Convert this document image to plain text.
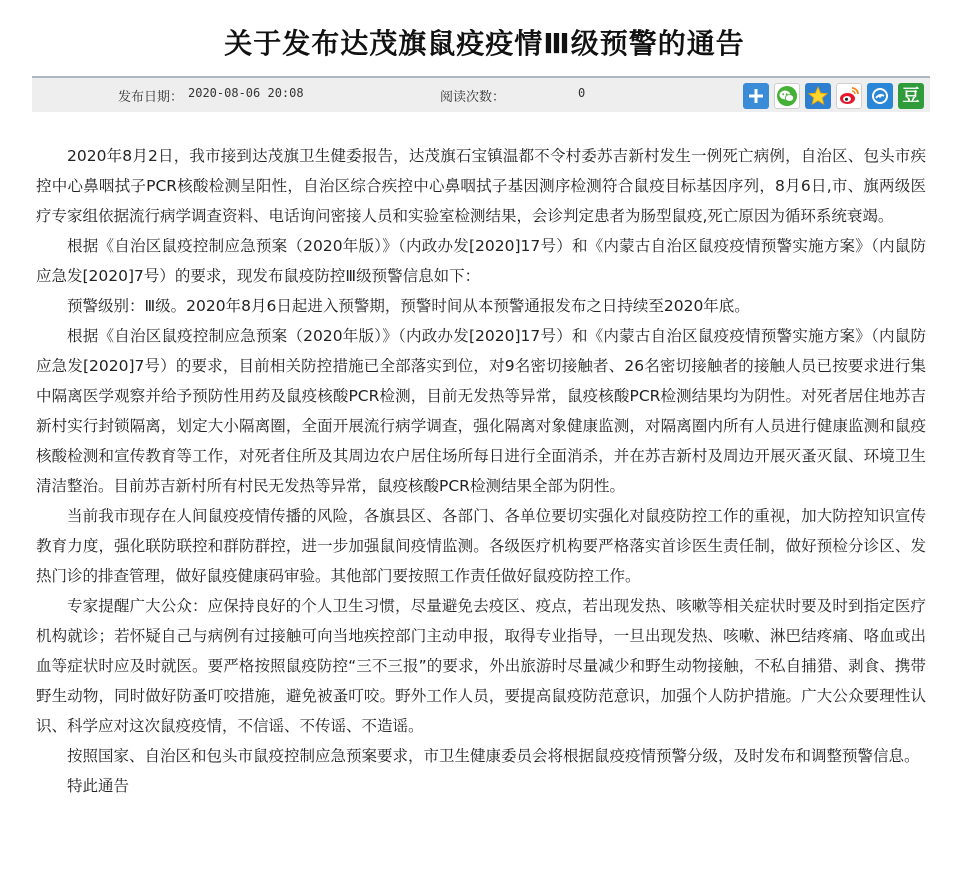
关于发布达茂旗鼠疫疫情Ⅲ级预警的通告
发布日期： 2020-08-06 20:08	阅读次数：	0	豆

2020年8月2日，我市接到达茂旗卫生健委报告，达茂旗石宝镇温都不令村委苏吉新村发生一例死亡病例，自治区、包头市疾控中心鼻咽拭子PCR核酸检测呈阳性，自治区综合疾控中心鼻咽拭子基因测序检测符合鼠疫目标基因序列，8月6日,市、旗两级医疗专家组依据流行病学调查资料、电话询问密接人员和实验室检测结果，会诊判定患者为肠型鼠疫,死亡原因为循环系统衰竭。

根据《自治区鼠疫控制应急预案（2020年版）》（内政办发[2020]17号）和《内蒙古自治区鼠疫疫情预警实施方案》（内鼠防应急发[2020]7号）的要求，现发布鼠疫防控Ⅲ级预警信息如下：

预警级别：Ⅲ级。2020年8月6日起进入预警期，预警时间从本预警通报发布之日持续至2020年底。

根据《自治区鼠疫控制应急预案（2020年版）》（内政办发[2020]17号）和《内蒙古自治区鼠疫疫情预警实施方案》（内鼠防应急发[2020]7号）的要求，目前相关防控措施已全部落实到位，对9名密切接触者、26名密切接触者的接触人员已按要求进行集中隔离医学观察并给予预防性用药及鼠疫核酸PCR检测，目前无发热等异常，鼠疫核酸PCR检测结果均为阴性。对死者居住地苏吉新村实行封锁隔离，划定大小隔离圈，全面开展流行病学调查，强化隔离对象健康监测，对隔离圈内所有人员进行健康监测和鼠疫核酸检测和宣传教育等工作，对死者住所及其周边农户居住场所每日进行全面消杀，并在苏吉新村及周边开展灭蚤灭鼠、环境卫生清洁整治。目前苏吉新村所有村民无发热等异常，鼠疫核酸PCR检测结果全部为阴性。

当前我市现存在人间鼠疫疫情传播的风险，各旗县区、各部门、各单位要切实强化对鼠疫防控工作的重视，加大防控知识宣传教育力度，强化联防联控和群防群控，进一步加强鼠间疫情监测。各级医疗机构要严格落实首诊医生责任制，做好预检分诊区、发热门诊的排查管理，做好鼠疫健康码审验。其他部门要按照工作责任做好鼠疫防控工作。

专家提醒广大公众：应保持良好的个人卫生习惯，尽量避免去疫区、疫点，若出现发热、咳嗽等相关症状时要及时到指定医疗机构就诊；若怀疑自己与病例有过接触可向当地疾控部门主动申报，取得专业指导，一旦出现发热、咳嗽、淋巴结疼痛、咯血或出血等症状时应及时就医。要严格按照鼠疫防控“三不三报”的要求，外出旅游时尽量减少和野生动物接触，不私自捕猎、剥食、携带野生动物，同时做好防蚤叮咬措施，避免被蚤叮咬。野外工作人员，要提高鼠疫防范意识，加强个人防护措施。广大公众要理性认识、科学应对这次鼠疫疫情，不信谣、不传谣、不造谣。

按照国家、自治区和包头市鼠疫控制应急预案要求，市卫生健康委员会将根据鼠疫疫情预警分级，及时发布和调整预警信息。

特此通告
